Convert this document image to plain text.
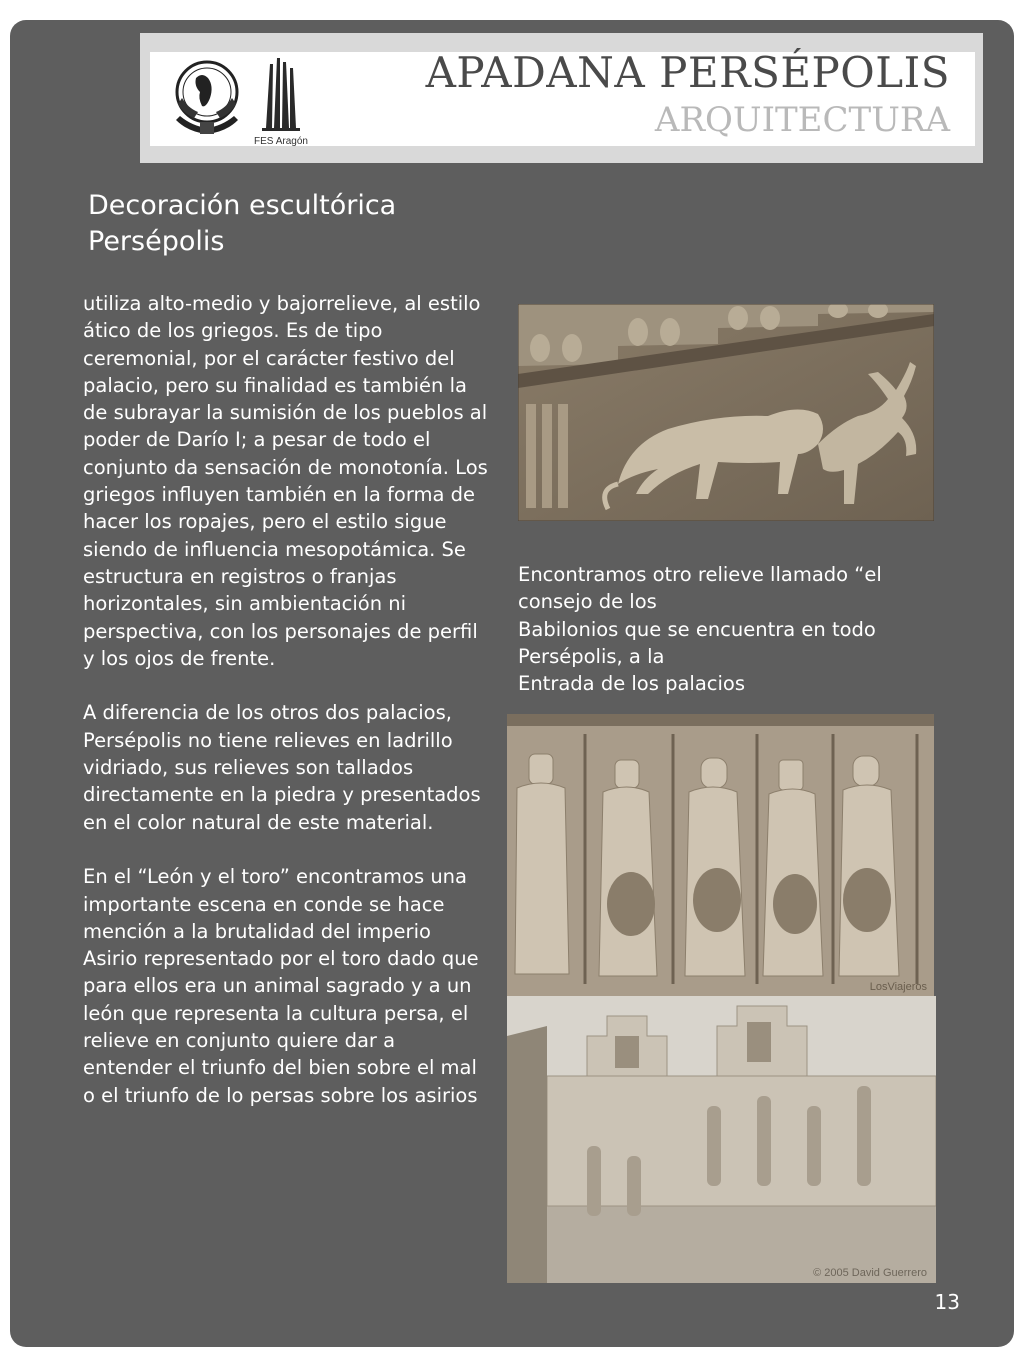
FES Aragón
APADANA PERSÉPOLIS
ARQUITECTURA
Decoración escultórica
Persépolis

utiliza alto-medio y bajorrelieve, al estilo ático de los griegos. Es de tipo ceremonial, por el carácter festivo del palacio, pero su finalidad es también la de subrayar la sumisión de los pueblos al poder de Darío I; a pesar de todo el conjunto da sensación de monotonía. Los griegos influyen también en la forma de hacer los ropajes, pero el estilo sigue siendo de influencia mesopotámica. Se estructura en registros o franjas horizontales, sin ambientación ni perspectiva, con los personajes de perfil y los ojos de frente.

A diferencia de los otros dos palacios, Persépolis no tiene relieves en ladrillo vidriado, sus relieves son tallados directamente en la piedra y presentados en el color natural de este material.

En el “León y el toro” encontramos una importante escena en conde se hace mención a la brutalidad del imperio Asirio representado por el toro dado que para ellos era un animal sagrado y a un león que representa la cultura persa, el relieve en conjunto quiere dar a entender el triunfo del bien sobre el mal o el triunfo de lo persas sobre los asirios

Encontramos otro relieve llamado “el
consejo de los
Babilonios que se encuentra en todo
Persépolis, a la
Entrada de los palacios

LosViajeros
© 2005 David Guerrero
13
